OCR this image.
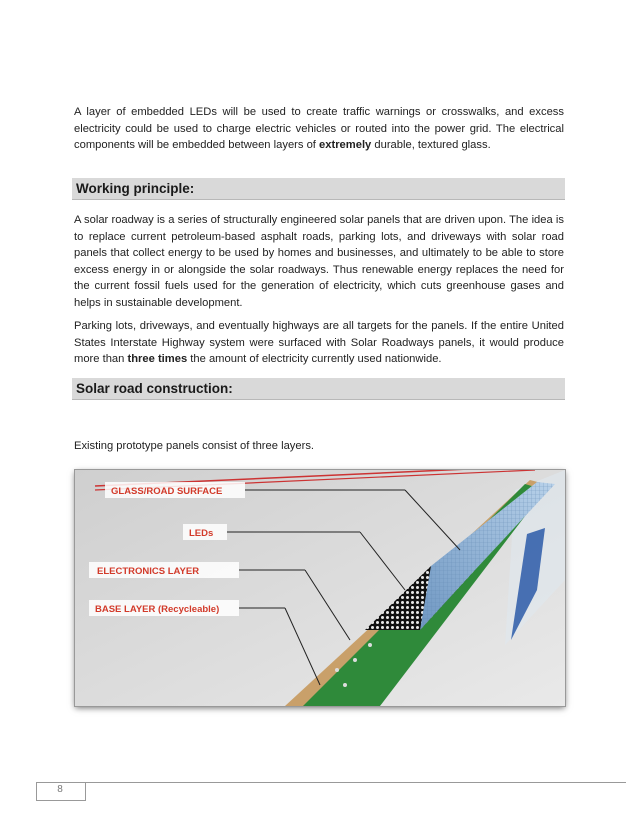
A layer of embedded LEDs will be used to create traffic warnings or crosswalks, and excess electricity could be used to charge electric vehicles or routed into the power grid. The electrical components will be embedded between layers of extremely durable, textured glass.

Working principle:

A solar roadway is a series of structurally engineered solar panels that are driven upon. The idea is to replace current petroleum-based asphalt roads, parking lots, and driveways with solar road panels that collect energy to be used by homes and businesses, and ultimately to be able to store excess energy in or alongside the solar roadways. Thus renewable energy replaces the need for the current fossil fuels used for the generation of electricity, which cuts greenhouse gases and helps in sustainable development.

Parking lots, driveways, and eventually highways are all targets for the panels. If the entire United States Interstate Highway system were surfaced with Solar Roadways panels, it would produce more than three times the amount of electricity currently used nationwide.

Solar road construction:

Existing prototype panels consist of three layers.

GLASS/ROAD SURFACE
LEDs
ELECTRONICS LAYER
BASE LAYER (Recycleable)
8
